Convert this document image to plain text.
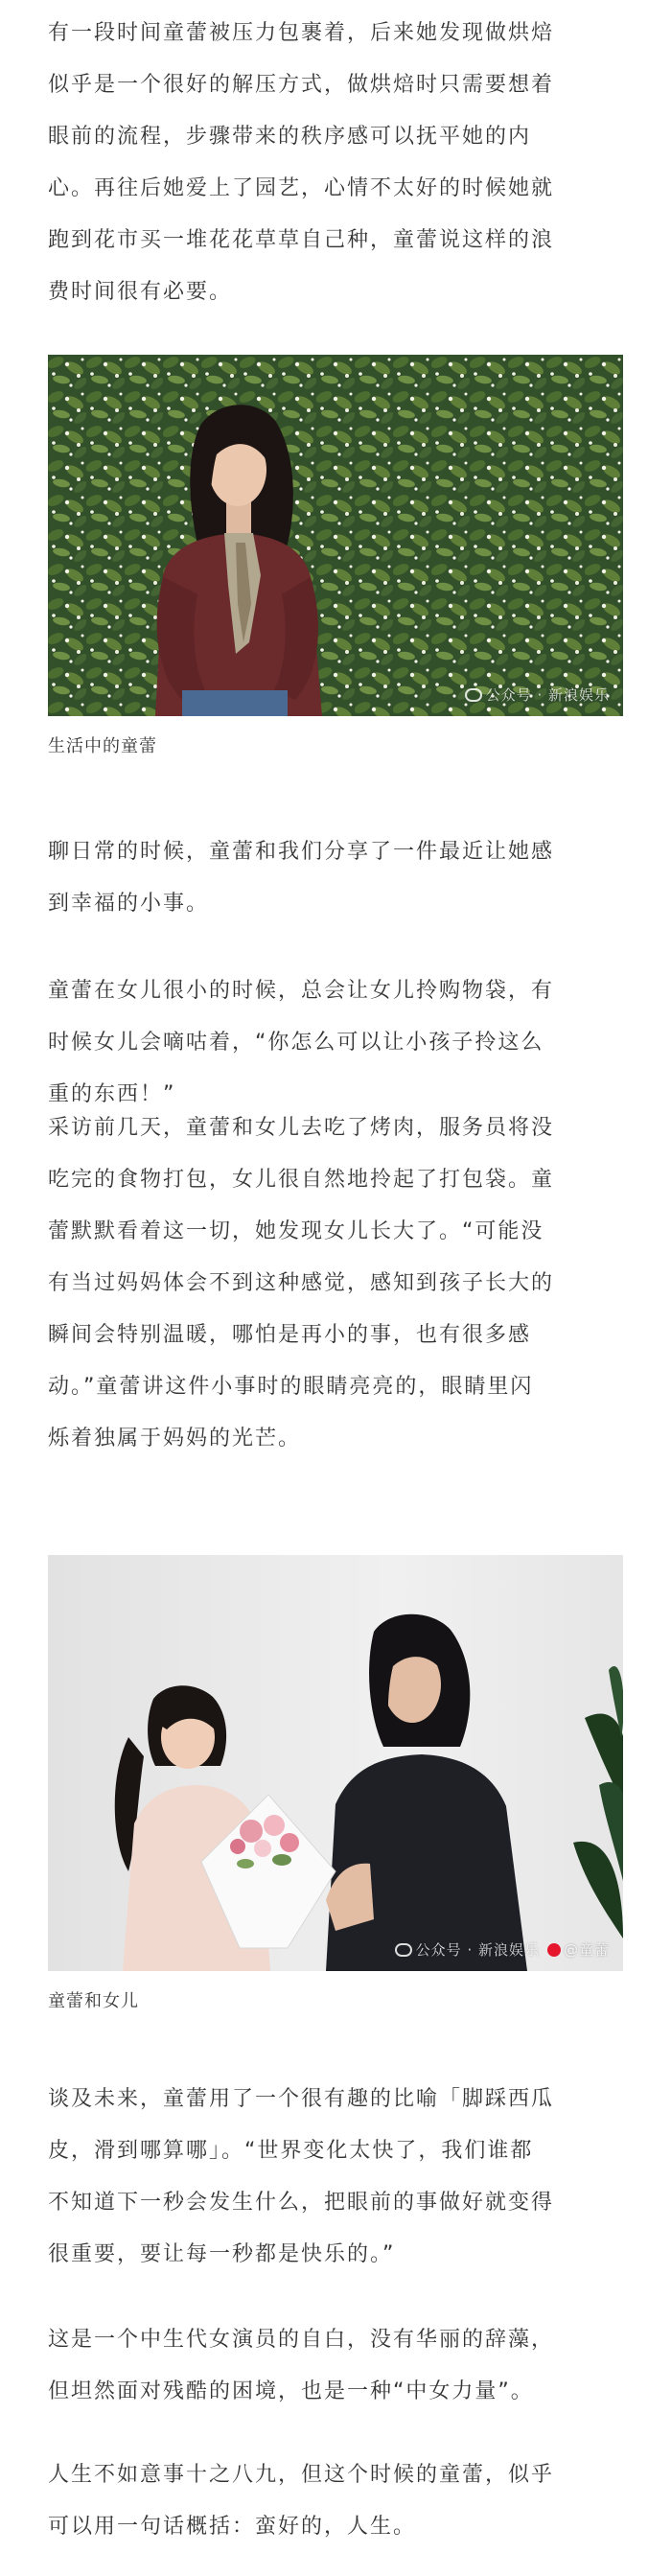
有一段时间童蕾被压力包裹着，后来她发现做烘焙
似乎是一个很好的解压方式，做烘焙时只需要想着
眼前的流程，步骤带来的秩序感可以抚平她的内
心。再往后她爱上了园艺，心情不太好的时候她就
跑到花市买一堆花花草草自己种，童蕾说这样的浪
费时间很有必要。

公众号 · 新浪娱乐

生活中的童蕾

聊日常的时候，童蕾和我们分享了一件最近让她感
到幸福的小事。

童蕾在女儿很小的时候，总会让女儿拎购物袋，有
时候女儿会嘀咕着，“你怎么可以让小孩子拎这么
重的东西！”

采访前几天，童蕾和女儿去吃了烤肉，服务员将没
吃完的食物打包，女儿很自然地拎起了打包袋。童
蕾默默看着这一切，她发现女儿长大了。“可能没
有当过妈妈体会不到这种感觉，感知到孩子长大的
瞬间会特别温暖，哪怕是再小的事，也有很多感
动。”童蕾讲这件小事时的眼睛亮亮的，眼睛里闪
烁着独属于妈妈的光芒。

公众号 · 新浪娱乐 @童蕾

童蕾和女儿

谈及未来，童蕾用了一个很有趣的比喻「脚踩西瓜
皮，滑到哪算哪」。“世界变化太快了，我们谁都
不知道下一秒会发生什么，把眼前的事做好就变得
很重要，要让每一秒都是快乐的。”

这是一个中生代女演员的自白，没有华丽的辞藻，
但坦然面对残酷的困境，也是一种“中女力量”。

人生不如意事十之八九，但这个时候的童蕾，似乎
可以用一句话概括：蛮好的，人生。
